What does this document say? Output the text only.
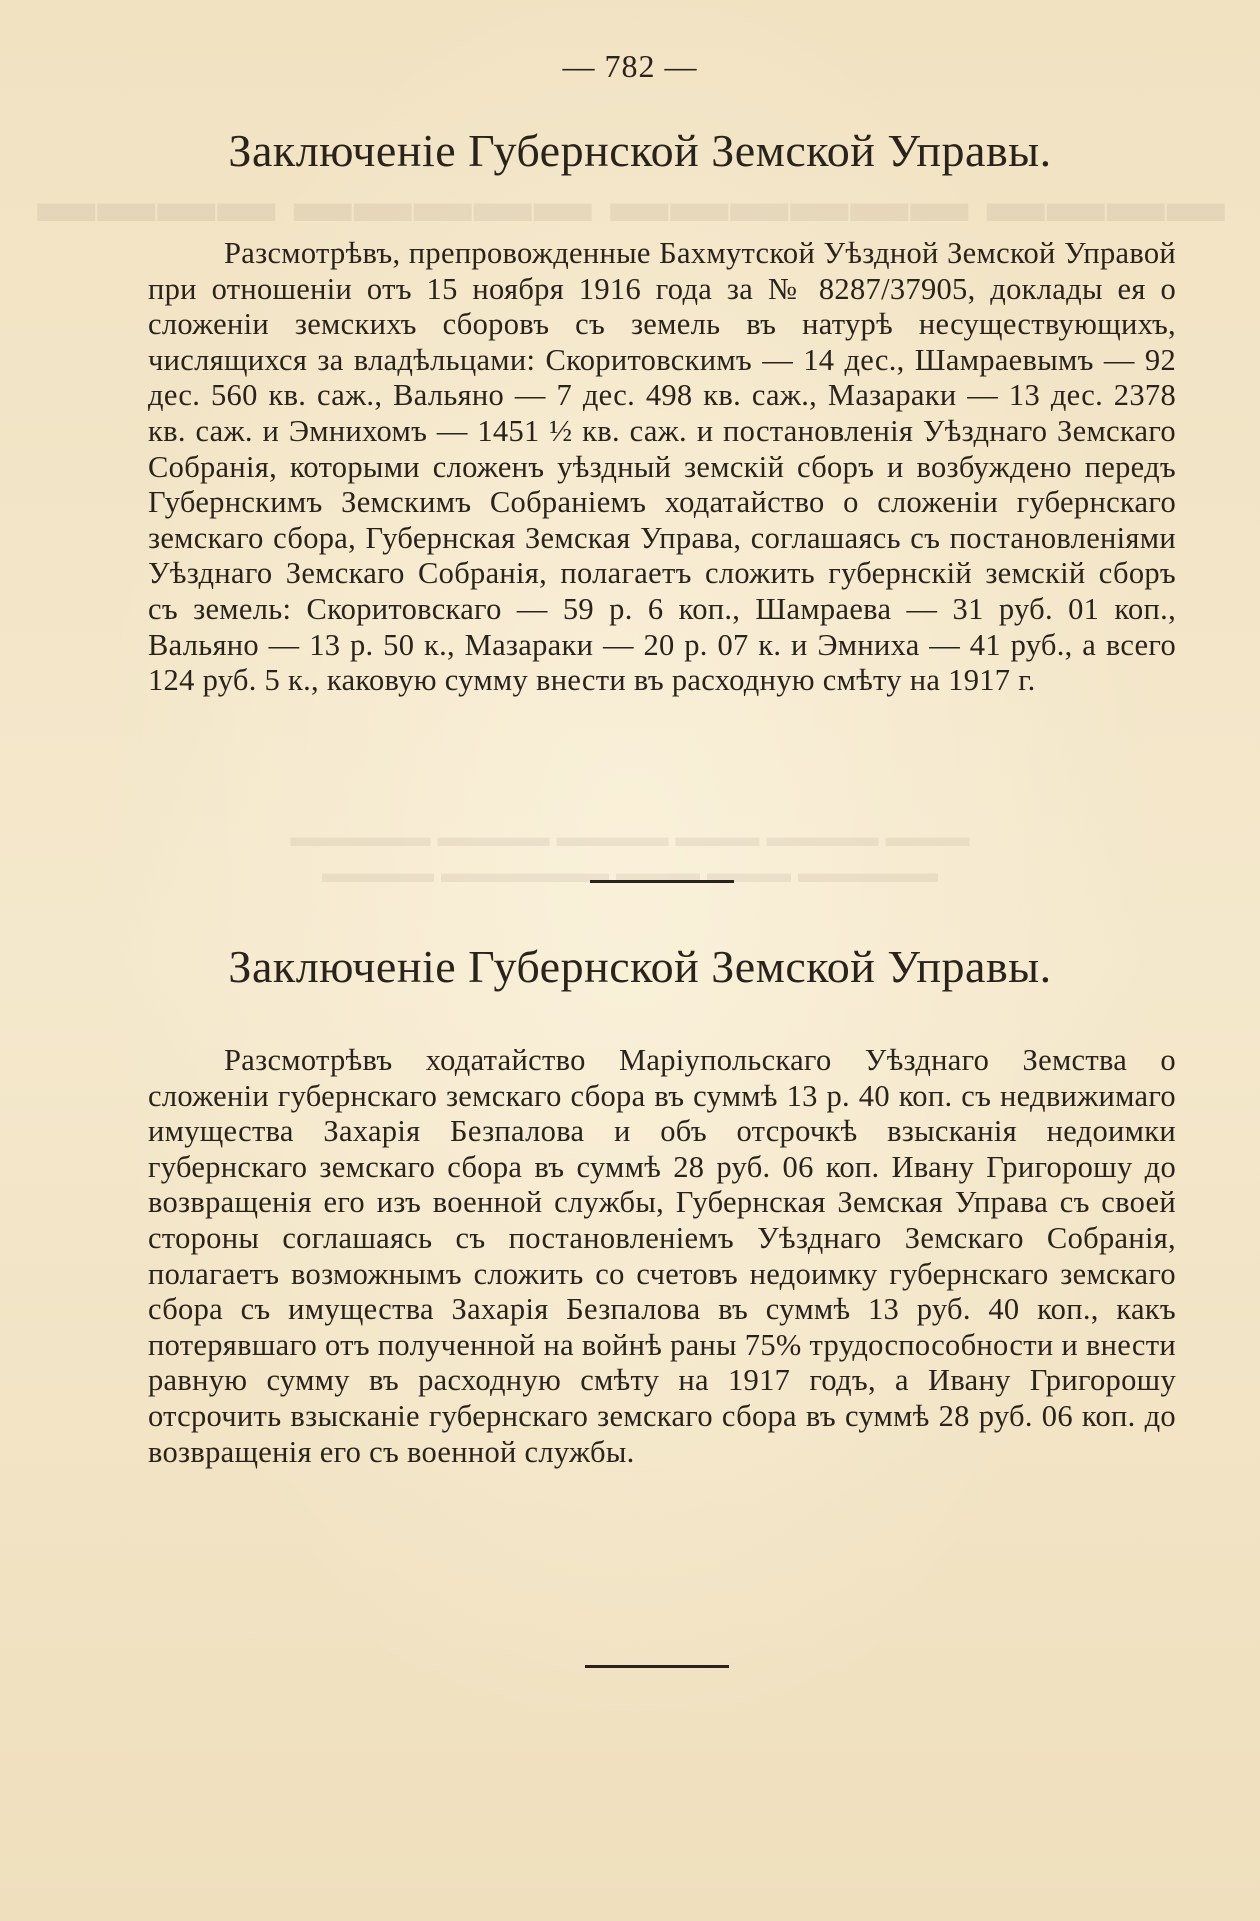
▬▬▬▬ ▬▬▬▬▬▬ ▬▬▬▬▬ ▬▬▬▬
▬▬▬ ▬▬▬▬ ▬▬▬ ▬▬▬▬ ▬▬▬▬ ▬▬▬▬▬
▬▬▬▬▬ ▬▬▬ ▬▬▬ ▬▬▬▬▬▬ ▬▬▬▬
— 782 —
Заключеніе Губернской Земской Управы.
Разсмотрѣвъ, препровожденные Бахмутской Уѣздной Земской Управой при отношеніи отъ 15 ноября 1916 года за № 8287/37905, доклады ея о сложеніи земскихъ сборовъ съ земель въ натурѣ несуществующихъ, числящихся за владѣльцами: Скоритовскимъ — 14 дес., Шамраевымъ — 92 дес. 560 кв. саж., Вальяно — 7 дес. 498 кв. саж., Мазараки — 13 дес. 2378 кв. саж. и Эмнихомъ — 1451 ½ кв. саж. и постановленія Уѣзднаго Земскаго Собранія, которыми сложенъ уѣздный земскій сборъ и возбуждено передъ Губернскимъ Земскимъ Собраніемъ ходатайство о сложеніи губернскаго земскаго сбора, Губернская Земская Управа, соглашаясь съ постановленіями Уѣзднаго Земскаго Собранія, полагаетъ сложить губернскій земскій сборъ съ земель: Скоритовскаго — 59 р. 6 коп., Шамраева — 31 руб. 01 коп., Вальяно — 13 р. 50 к., Мазараки — 20 р. 07 к. и Эмниха — 41 руб., а всего 124 руб. 5 к., каковую сумму внести въ расходную смѣту на 1917 г.
Заключеніе Губернской Земской Управы.
Разсмотрѣвъ ходатайство Маріупольскаго Уѣзднаго Земства о сложеніи губернскаго земскаго сбора въ суммѣ 13 р. 40 коп. съ недвижимаго имущества Захарія Безпалова и объ отсрочкѣ взысканія недоимки губернскаго земскаго сбора въ суммѣ 28 руб. 06 коп. Ивану Григорошу до возвращенія его изъ военной службы, Губернская Земская Управа съ своей стороны соглашаясь съ постановленіемъ Уѣзднаго Земскаго Собранія, полагаетъ возможнымъ сложить со счетовъ недоимку губернскаго земскаго сбора съ имущества Захарія Безпалова въ суммѣ 13 руб. 40 коп., какъ потерявшаго отъ полученной на войнѣ раны 75% трудоспособности и внести равную сумму въ расходную смѣту на 1917 годъ, а Ивану Григорошу отсрочить взысканіе губернскаго земскаго сбора въ суммѣ 28 руб. 06 коп. до возвращенія его съ военной службы.
